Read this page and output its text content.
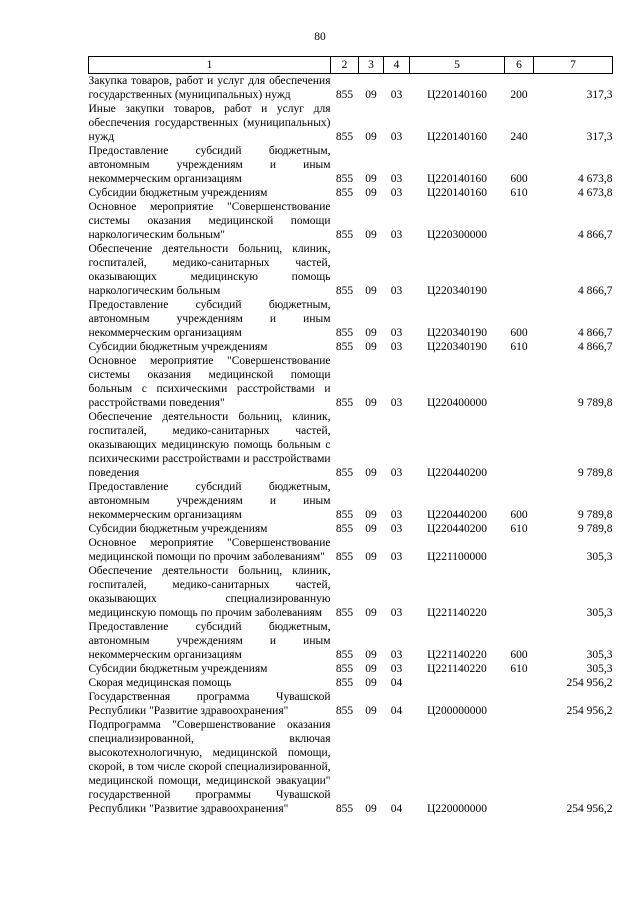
80
1	2	3	4	5	6	7
Закупка товаров, работ и услуг для обеспечения государственных (муниципальных) нужд	855	09	03	Ц220140160	200	317,3
Иные закупки товаров, работ и услуг для обеспечения государственных (муниципальных) нужд	855	09	03	Ц220140160	240	317,3
Предоставление субсидий бюджетным, автономным учреждениям и иным некоммерческим организациям	855	09	03	Ц220140160	600	4 673,8
Субсидии бюджетным учреждениям	855	09	03	Ц220140160	610	4 673,8
Основное мероприятие "Совершенствование системы оказания медицинской помощи наркологическим больным"	855	09	03	Ц220300000		4 866,7
Обеспечение деятельности больниц, клиник, госпиталей, медико-санитарных частей, оказывающих медицинскую помощь наркологическим больным	855	09	03	Ц220340190		4 866,7
Предоставление субсидий бюджетным, автономным учреждениям и иным некоммерческим организациям	855	09	03	Ц220340190	600	4 866,7
Субсидии бюджетным учреждениям	855	09	03	Ц220340190	610	4 866,7
Основное мероприятие "Совершенствование системы оказания медицинской помощи больным с психическими расстройствами и расстройствами поведения"	855	09	03	Ц220400000		9 789,8
Обеспечение деятельности больниц, клиник, госпиталей, медико-санитарных частей, оказывающих медицинскую помощь больным с психическими расстройствами и расстройствами поведения	855	09	03	Ц220440200		9 789,8
Предоставление субсидий бюджетным, автономным учреждениям и иным некоммерческим организациям	855	09	03	Ц220440200	600	9 789,8
Субсидии бюджетным учреждениям	855	09	03	Ц220440200	610	9 789,8
Основное мероприятие "Совершенствование медицинской помощи по прочим заболеваниям"	855	09	03	Ц221100000		305,3
Обеспечение деятельности больниц, клиник, госпиталей, медико-санитарных частей, оказывающих специализированную медицинскую помощь по прочим заболеваниям	855	09	03	Ц221140220		305,3
Предоставление субсидий бюджетным, автономным учреждениям и иным некоммерческим организациям	855	09	03	Ц221140220	600	305,3
Субсидии бюджетным учреждениям	855	09	03	Ц221140220	610	305,3
Скорая медицинская помощь	855	09	04			254 956,2
Государственная программа Чувашской Республики "Развитие здравоохранения"	855	09	04	Ц200000000		254 956,2
Подпрограмма "Совершенствование оказания специализированной, включая высокотехнологичную, медицинской помощи, скорой, в том числе скорой специализированной, медицинской помощи, медицинской эвакуации" государственной программы Чувашской Республики "Развитие здравоохранения"	855	09	04	Ц220000000		254 956,2
